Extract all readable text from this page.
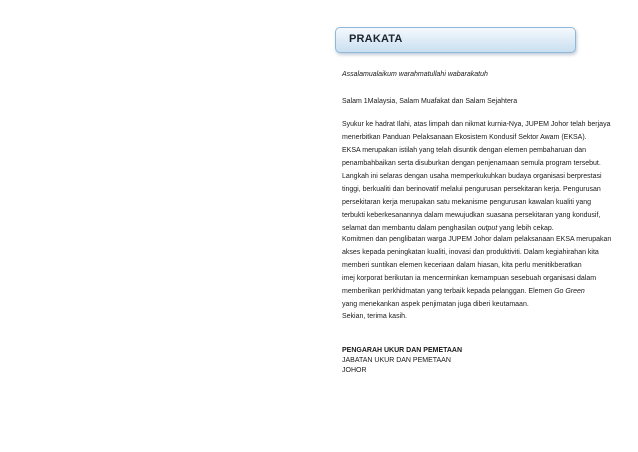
PRAKATA
Assalamualaikum warahmatullahi wabarakatuh
Salam 1Malaysia, Salam Muafakat dan Salam Sejahtera
Syukur ke hadrat Ilahi, atas limpah dan nikmat kurnia-Nya, JUPEM Johor telah berjaya
menerbitkan Panduan Pelaksanaan Ekosistem Kondusif Sektor Awam (EKSA).
EKSA merupakan istilah yang telah disuntik dengan elemen pembaharuan dan
penambahbaikan serta disuburkan dengan penjenamaan semula program tersebut.
Langkah ini selaras dengan usaha memperkukuhkan budaya organisasi berprestasi
tinggi, berkualiti dan berinovatif melalui pengurusan persekitaran kerja. Pengurusan
persekitaran kerja merupakan satu mekanisme pengurusan kawalan kualiti yang
terbukti keberkesanannya dalam mewujudkan suasana persekitaran yang kondusif,
selamat dan membantu dalam penghasilan output yang lebih cekap.
Komitmen dan penglibatan warga JUPEM Johor dalam pelaksanaan EKSA merupakan
akses kepada peningkatan kualiti, inovasi dan produktiviti. Dalam kegiahirahan kita
memberi suntikan elemen keceriaan dalam hiasan, kita perlu menitikberatkan
imej korporat berikutan ia mencerminkan kemampuan sesebuah organisasi dalam
memberikan perkhidmatan yang terbaik kepada pelanggan. Elemen Go Green
yang menekankan aspek penjimatan juga diberi keutamaan.
Sekian, terima kasih.
PENGARAH UKUR DAN PEMETAAN
JABATAN UKUR DAN PEMETAAN
JOHOR
